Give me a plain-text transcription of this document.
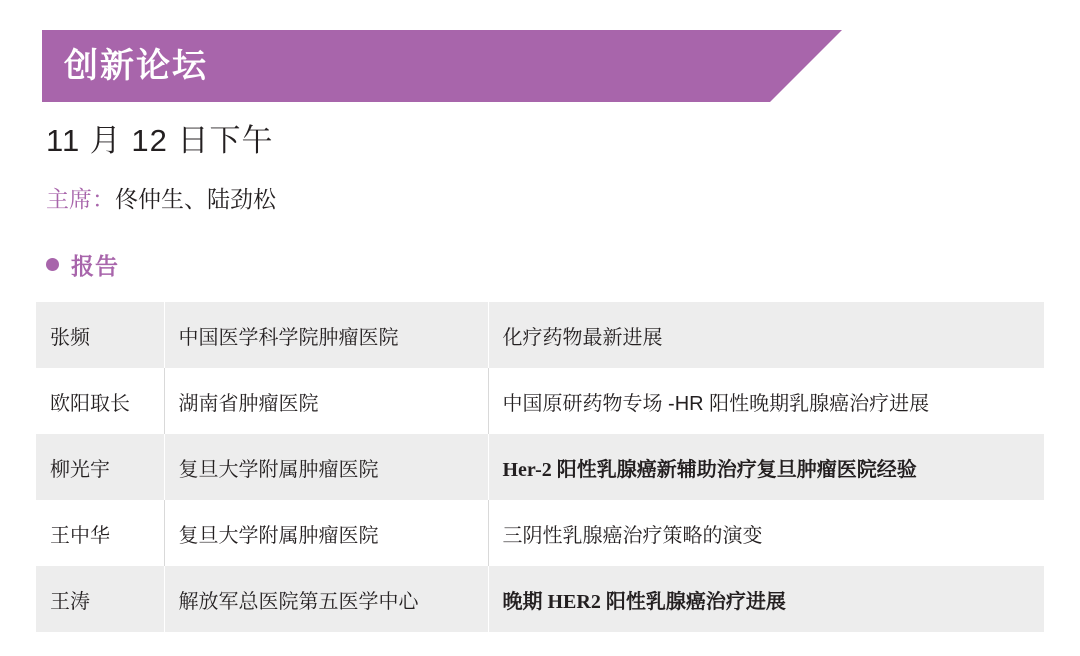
创新论坛
11 月 12 日下午
主席：佟仲生、陆劲松
报告
张频	中国医学科学院肿瘤医院	化疗药物最新进展
欧阳取长	湖南省肿瘤医院	中国原研药物专场 -HR 阳性晚期乳腺癌治疗进展
柳光宇	复旦大学附属肿瘤医院	Her-2 阳性乳腺癌新辅助治疗复旦肿瘤医院经验
王中华	复旦大学附属肿瘤医院	三阴性乳腺癌治疗策略的演变
王涛	解放军总医院第五医学中心	晚期 HER2 阳性乳腺癌治疗进展
